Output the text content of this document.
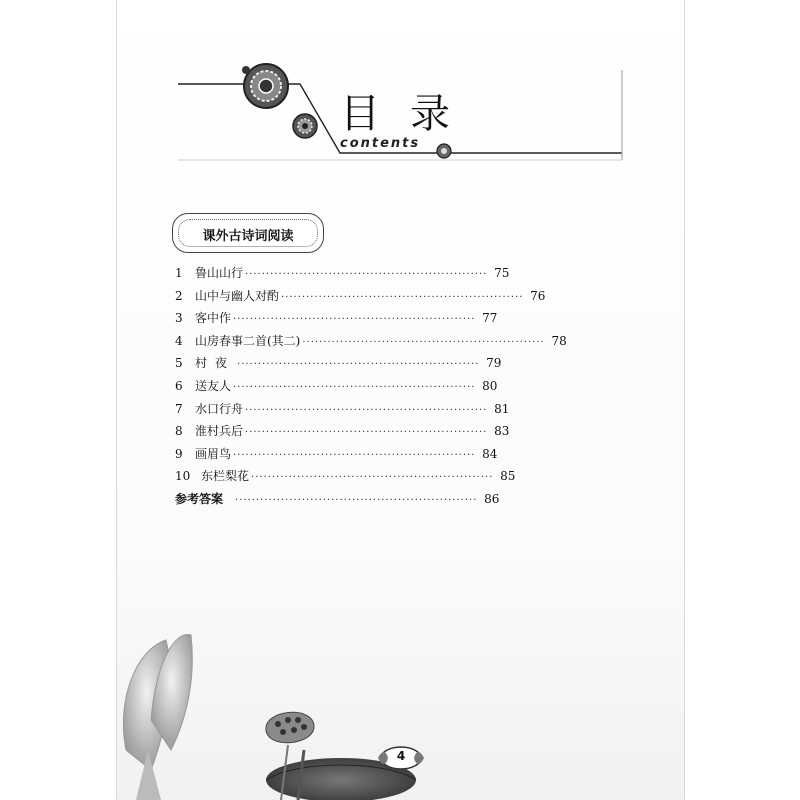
目录
contents
课外古诗词阅读
1	鲁山山行 ·························································· 75
2	山中与幽人对酌 ·························································· 76
3	客中作 ·························································· 77
4	山房春事二首(其二) ·························································· 78
5	村夜 ·························································· 79
6	送友人 ·························································· 80
7	水口行舟 ·························································· 81
8	淮村兵后 ·························································· 83
9	画眉鸟 ·························································· 84
10 东栏梨花 ·························································· 85
参考答案	·························································· 86
4
